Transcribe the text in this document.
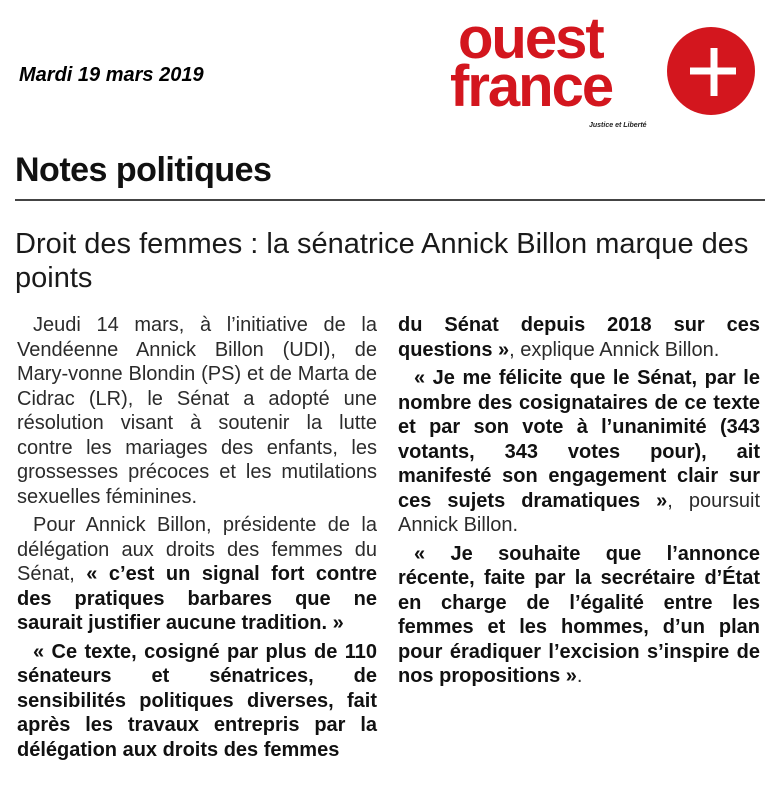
Mardi 19 mars 2019
ouest
france
Justice et Liberté
Notes politiques
Droit des femmes : la sénatrice Annick Billon marque des points

Jeudi 14 mars, à l’initiative de la Vendéenne Annick Billon (UDI), de Mary-vonne Blondin (PS) et de Marta de Cidrac (LR), le Sénat a adopté une résolution visant à soutenir la lutte contre les mariages des enfants, les grossesses précoces et les mutilations sexuelles féminines.

Pour Annick Billon, présidente de la délégation aux droits des femmes du Sénat, « c’est un signal fort contre des pratiques barbares que ne saurait justifier aucune tradition. »

« Ce texte, cosigné par plus de 110 sénateurs et sénatrices, de sensibilités politiques diverses, fait après les travaux entrepris par la délégation aux droits des femmes

du Sénat depuis 2018 sur ces questions », explique Annick Billon.

« Je me félicite que le Sénat, par le nombre des cosignataires de ce texte et par son vote à l’unanimité (343 votants, 343 votes pour), ait manifesté son engagement clair sur ces sujets dramatiques », poursuit Annick Billon.

« Je souhaite que l’annonce récente, faite par la secrétaire d’État en charge de l’égalité entre les femmes et les hommes, d’un plan pour éradiquer l’excision s’inspire de nos propositions ».
